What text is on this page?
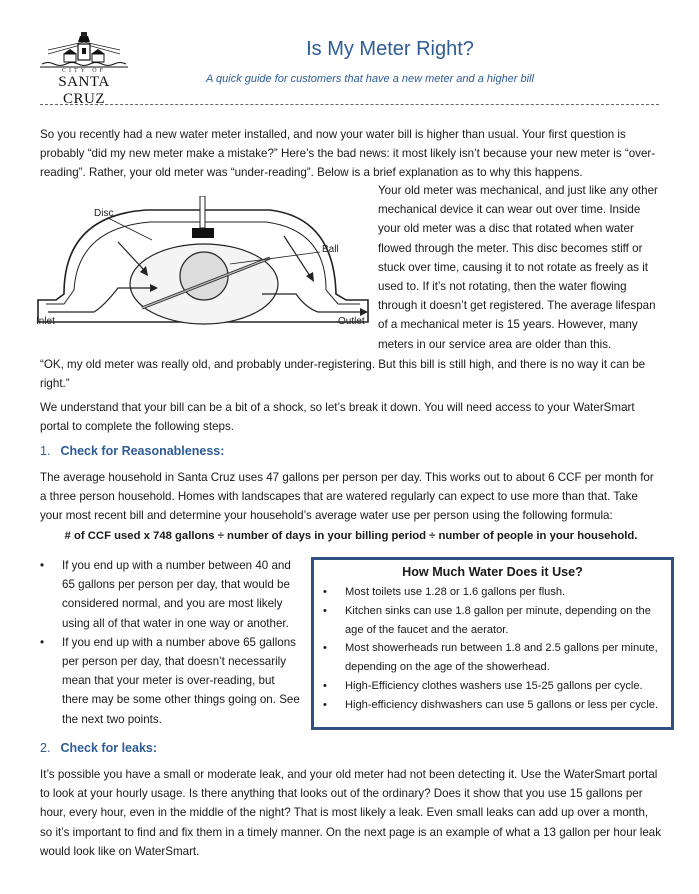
CITY OF
SANTA CRUZ
Is My Meter Right?
A quick guide for customers that have a new meter and a higher bill
So you recently had a new water meter installed, and now your water bill is higher than usual. Your first question is probably “did my new meter make a mistake?” Here’s the bad news: it most likely isn’t because your new meter is “over-reading”. Rather, your old meter was “under-reading”. Below is a brief explanation as to why this happens.
Disc
Ball
Inlet	Outlet
Your old meter was mechanical, and just like any other mechanical device it can wear out over time. Inside your old meter was a disc that rotated when water flowed through the meter. This disc becomes stiff or stuck over time, causing it to not rotate as freely as it used to. If it’s not rotating, then the water flowing through it doesn’t get registered. The average lifespan of a mechanical meter is 15 years. However, many meters in our service area are older than this.
“OK, my old meter was really old, and probably under-registering. But this bill is still high, and there is no way it can be right.”
We understand that your bill can be a bit of a shock, so let’s break it down. You will need access to your WaterSmart portal to complete the following steps.
1. Check for Reasonableness:
The average household in Santa Cruz uses 47 gallons per person per day. This works out to about 6 CCF per month for a three person household. Homes with landscapes that are watered regularly can expect to use more than that. Take your most recent bill and determine your household’s average water use per person using the following formula:
# of CCF used x 748 gallons ÷ number of days in your billing period ÷ number of people in your household.
• If you end up with a number between 40 and 65 gallons per person per day, that would be considered normal, and you are most likely using all of that water in one way or another.
• If you end up with a number above 65 gallons per person per day, that doesn’t necessarily mean that your meter is over-reading, but there may be some other things going on. See the next two points.
How Much Water Does it Use?
• Most toilets use 1.28 or 1.6 gallons per flush.
• Kitchen sinks can use 1.8 gallon per minute, depending on the age of the faucet and the aerator.
• Most showerheads run between 1.8 and 2.5 gallons per minute, depending on the age of the showerhead.
• High-Efficiency clothes washers use 15-25 gallons per cycle.
• High-efficiency dishwashers can use 5 gallons or less per cycle.
2. Check for leaks:
It’s possible you have a small or moderate leak, and your old meter had not been detecting it. Use the WaterSmart portal to look at your hourly usage. Is there anything that looks out of the ordinary? Does it show that you use 15 gallons per hour, every hour, even in the middle of the night? That is most likely a leak. Even small leaks can add up over a month, so it’s important to find and fix them in a timely manner. On the next page is an example of what a 13 gallon per hour leak would look like on WaterSmart.
